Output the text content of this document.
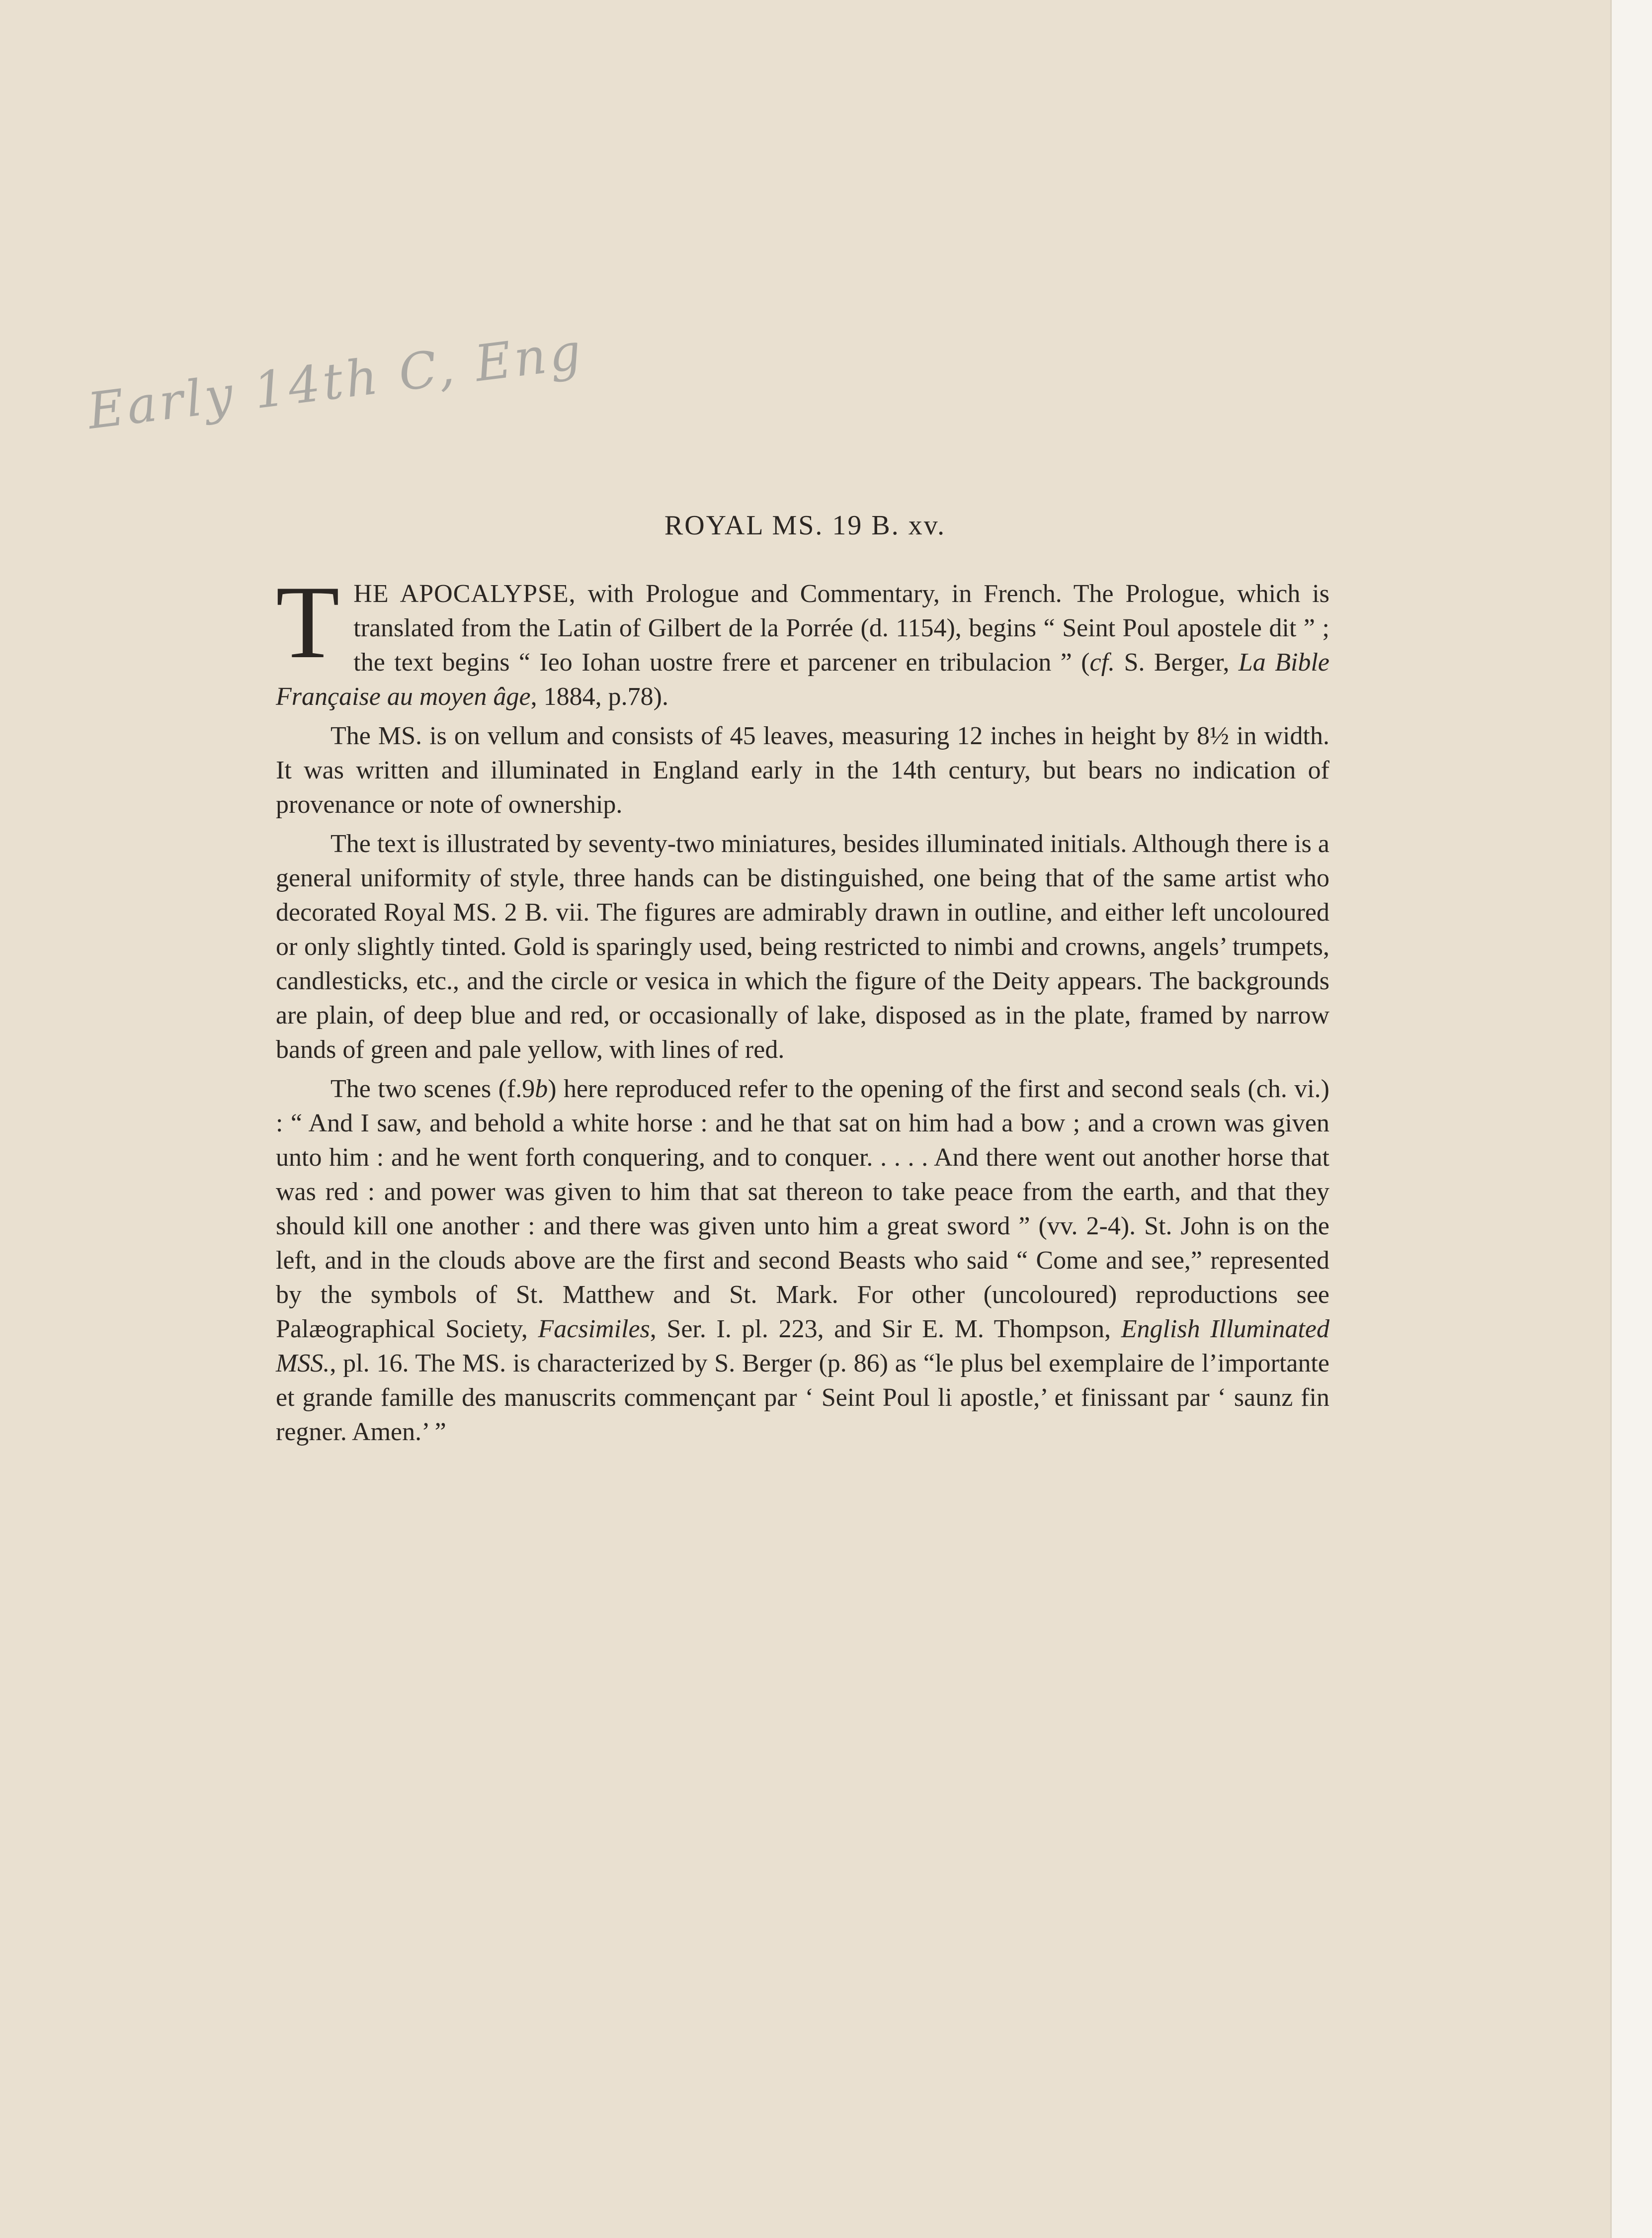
Early 14th C, Eng
ROYAL MS. 19 B. xv.

THE APOCALYPSE, with Prologue and Commentary, in French. The Prologue, which is translated from the Latin of Gilbert de la Porrée (d. 1154), begins “ Seint Poul apostele dit ” ; the text begins “ Ieo Iohan uostre frere et parcener en tribulacion ” (cf. S. Berger, La Bible Française au moyen âge, 1884, p.78).

The MS. is on vellum and consists of 45 leaves, measuring 12 inches in height by 8½ in width. It was written and illuminated in England early in the 14th century, but bears no indication of provenance or note of ownership.

The text is illustrated by seventy-two miniatures, besides illuminated initials. Although there is a general uniformity of style, three hands can be distinguished, one being that of the same artist who decorated Royal MS. 2 B. vii. The figures are admirably drawn in outline, and either left uncoloured or only slightly tinted. Gold is sparingly used, being restricted to nimbi and crowns, angels’ trumpets, candlesticks, etc., and the circle or vesica in which the figure of the Deity appears. The backgrounds are plain, of deep blue and red, or occasionally of lake, disposed as in the plate, framed by narrow bands of green and pale yellow, with lines of red.

The two scenes (f.9b) here reproduced refer to the opening of the first and second seals (ch. vi.) : “ And I saw, and behold a white horse : and he that sat on him had a bow ; and a crown was given unto him : and he went forth conquering, and to conquer. . . . . And there went out another horse that was red : and power was given to him that sat thereon to take peace from the earth, and that they should kill one another : and there was given unto him a great sword ” (vv. 2-4). St. John is on the left, and in the clouds above are the first and second Beasts who said “ Come and see,” represented by the symbols of St. Matthew and St. Mark. For other (uncoloured) reproductions see Palæographical Society, Facsimiles, Ser. I. pl. 223, and Sir E. M. Thompson, English Illuminated MSS., pl. 16. The MS. is characterized by S. Berger (p. 86) as “le plus bel exemplaire de l’importante et grande famille des manuscrits commençant par ‘ Seint Poul li apostle,’ et finissant par ‘ saunz fin regner. Amen.’ ”
